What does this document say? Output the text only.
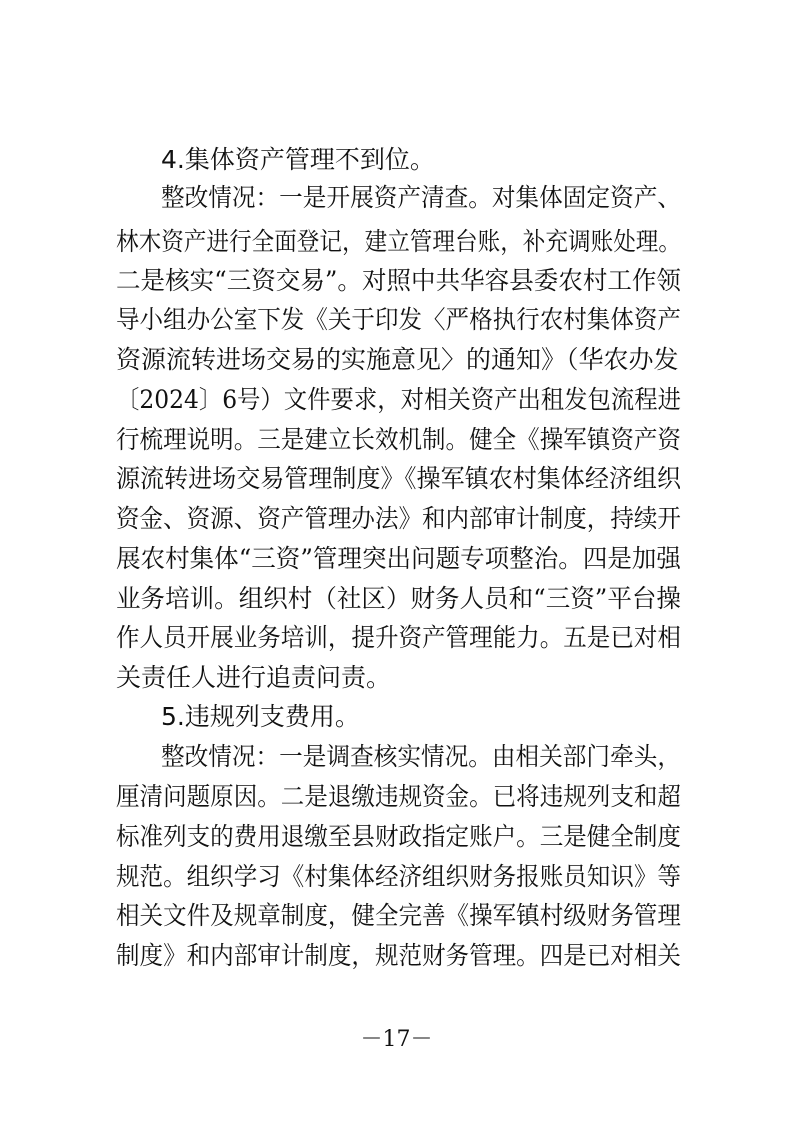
4.集体资产管理不到位。
整改情况：一是开展资产清查。对集体固定资产、
林木资产进行全面登记，建立管理台账，补充调账处理。
二是核实“三资交易”。对照中共华容县委农村工作领
导小组办公室下发《关于印发〈严格执行农村集体资产
资源流转进场交易的实施意见〉的通知》（华农办发
〔2024〕6号）文件要求，对相关资产出租发包流程进
行梳理说明。三是建立长效机制。健全《操军镇资产资
源流转进场交易管理制度》《操军镇农村集体经济组织
资金、资源、资产管理办法》和内部审计制度，持续开
展农村集体“三资”管理突出问题专项整治。四是加强
业务培训。组织村（社区）财务人员和“三资”平台操
作人员开展业务培训，提升资产管理能力。五是已对相
关责任人进行追责问责。
5.违规列支费用。
整改情况：一是调查核实情况。由相关部门牵头，
厘清问题原因。二是退缴违规资金。已将违规列支和超
标准列支的费用退缴至县财政指定账户。三是健全制度
规范。组织学习《村集体经济组织财务报账员知识》等
相关文件及规章制度，健全完善《操军镇村级财务管理
制度》和内部审计制度，规范财务管理。四是已对相关
－17－
